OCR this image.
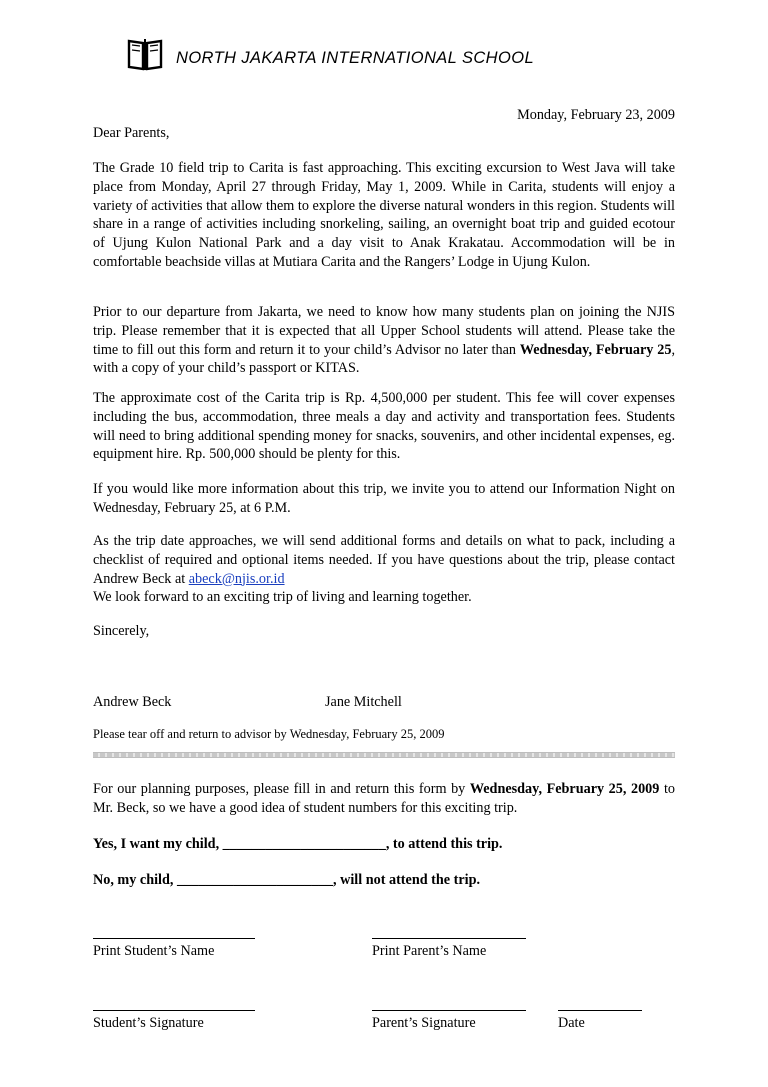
NORTH JAKARTA INTERNATIONAL SCHOOL
Monday, February 23, 2009
Dear Parents,

The Grade 10 field trip to Carita is fast approaching. This exciting excursion to West Java will take place from Monday, April 27 through Friday, May 1, 2009. While in Carita, students will enjoy a variety of activities that allow them to explore the diverse natural wonders in this region. Students will share in a range of activities including snorkeling, sailing, an overnight boat trip and guided ecotour of Ujung Kulon National Park and a day visit to Anak Krakatau. Accommodation will be in comfortable beachside villas at Mutiara Carita and the Rangers’ Lodge in Ujung Kulon.

Prior to our departure from Jakarta, we need to know how many students plan on joining the NJIS trip. Please remember that it is expected that all Upper School students will attend. Please take the time to fill out this form and return it to your child’s Advisor no later than Wednesday, February 25, with a copy of your child’s passport or KITAS.

The approximate cost of the Carita trip is Rp. 4,500,000 per student. This fee will cover expenses including the bus, accommodation, three meals a day and activity and transportation fees. Students will need to bring additional spending money for snacks, souvenirs, and other incidental expenses, eg. equipment hire. Rp. 500,000 should be plenty for this.

If you would like more information about this trip, we invite you to attend our Information Night on Wednesday, February 25, at 6 P.M.

As the trip date approaches, we will send additional forms and details on what to pack, including a checklist of required and optional items needed. If you have questions about the trip, please contact Andrew Beck at abeck@njis.or.id

We look forward to an exciting trip of living and learning together.

Sincerely,
Andrew Beck	Jane Mitchell
Please tear off and return to advisor by Wednesday, February 25, 2009

For our planning purposes, please fill in and return this form by Wednesday, February 25, 2009 to Mr. Beck, so we have a good idea of student numbers for this exciting trip.

Yes, I want my child, _______________________, to attend this trip.
No, my child, ______________________, will not attend the trip.
Print Student’s Name	Print Parent’s Name
Student’s Signature	Parent’s Signature	Date
